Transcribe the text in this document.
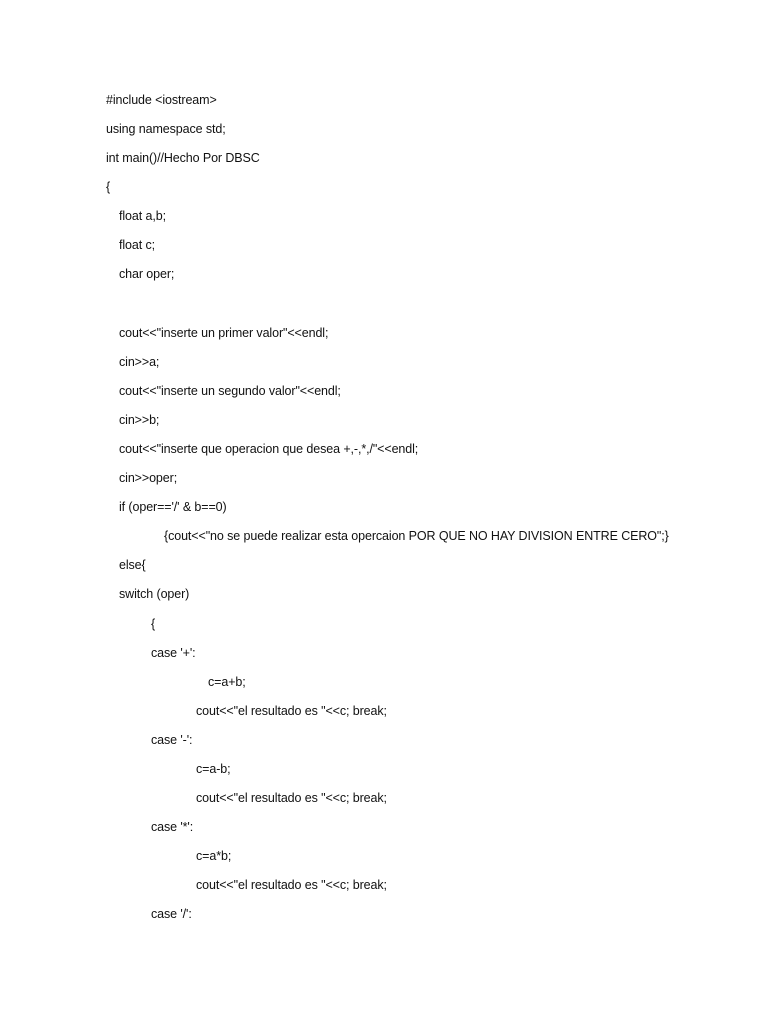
#include <iostream>
using namespace std;
int main()//Hecho Por DBSC
{
float a,b;
float c;
char oper;
cout<<"inserte un primer valor"<<endl;
cin>>a;
cout<<"inserte un segundo valor"<<endl;
cin>>b;
cout<<"inserte que operacion que desea +,-,*,/"<<endl;
cin>>oper;
if (oper=='/' & b==0)
{cout<<"no se puede realizar esta opercaion POR QUE NO HAY DIVISION ENTRE CERO";}
else{
switch (oper)
{
case '+':
c=a+b;
cout<<"el resultado es "<<c; break;
case '-':
c=a-b;
cout<<"el resultado es "<<c; break;
case '*':
c=a*b;
cout<<"el resultado es "<<c; break;
case '/':
